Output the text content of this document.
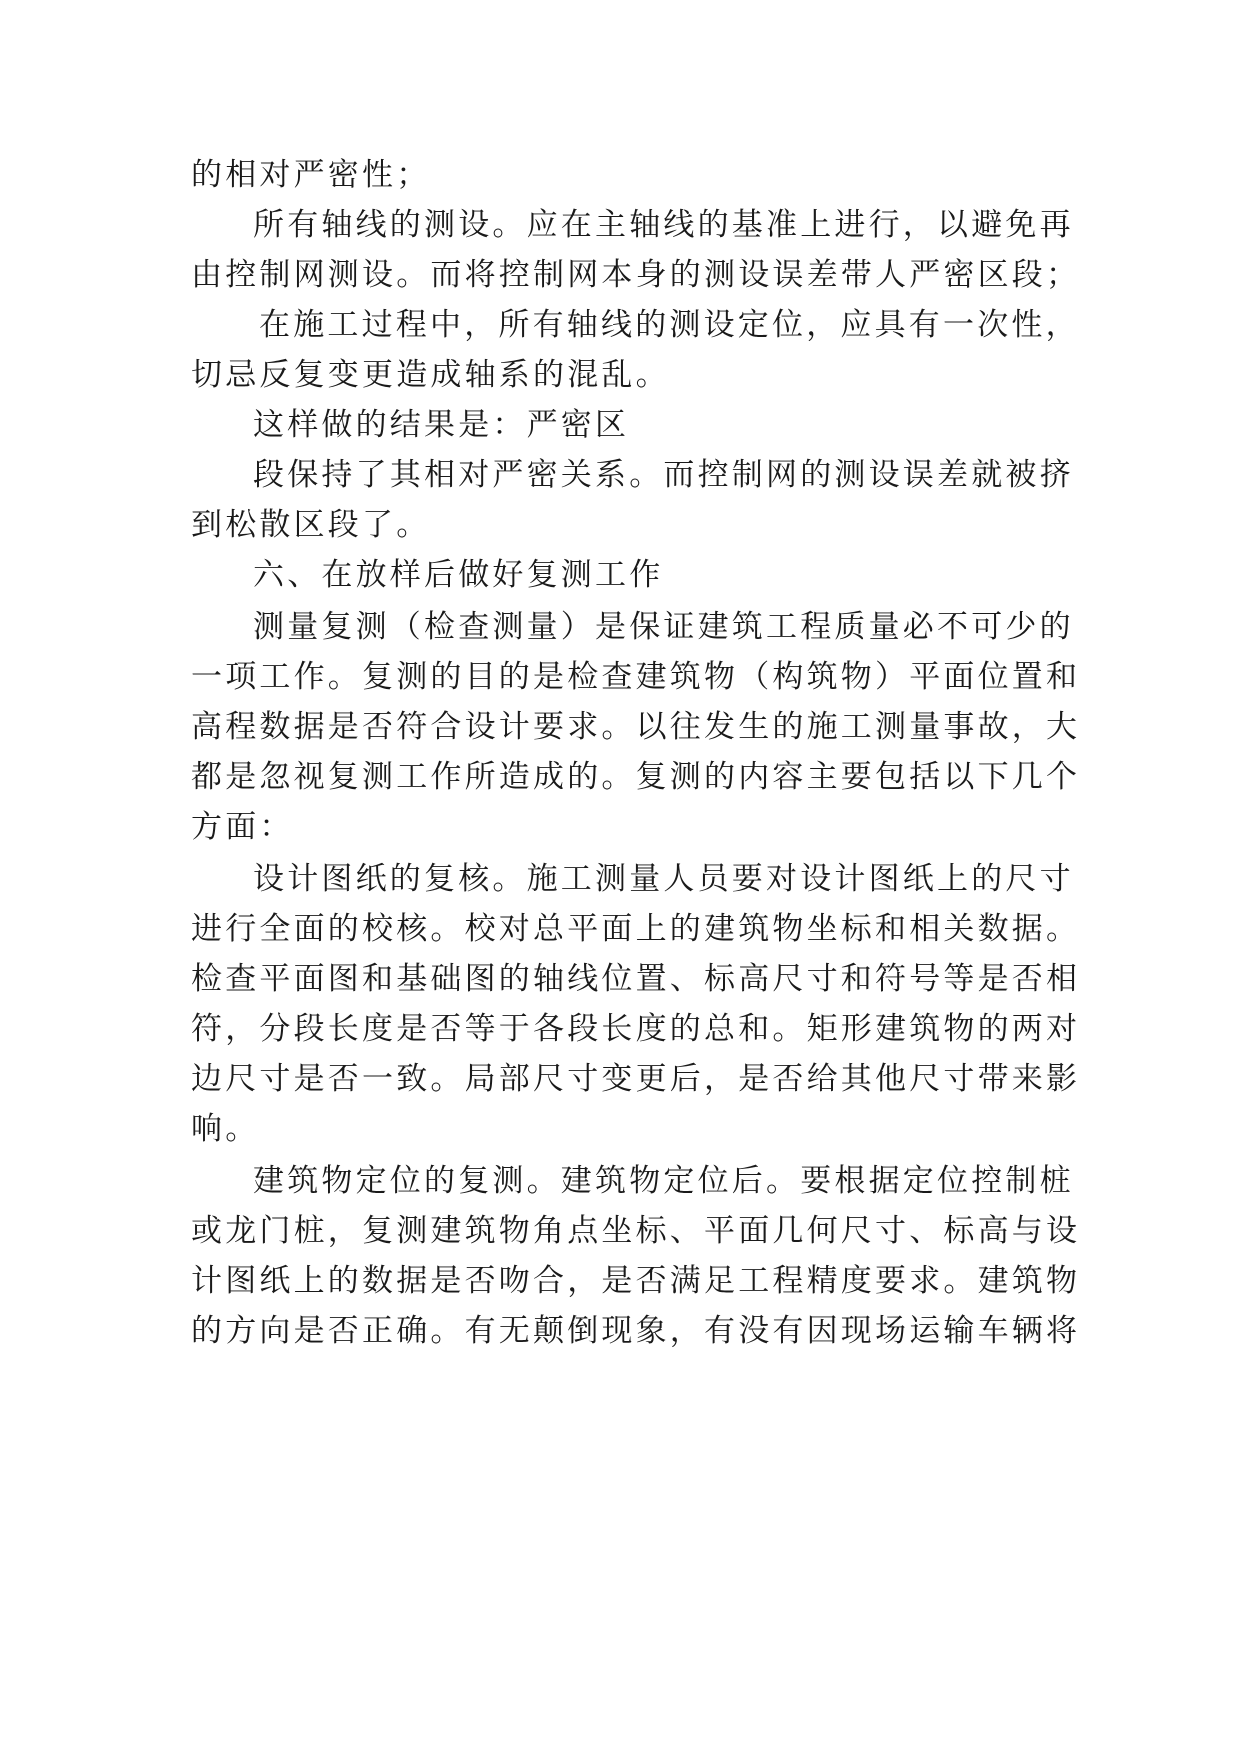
的相对严密性；
所有轴线的测设。应在主轴线的基准上进行，以避免再
由控制网测设。而将控制网本身的测设误差带人严密区段；
在施工过程中，所有轴线的测设定位，应具有一次性，
切忌反复变更造成轴系的混乱。
这样做的结果是：严密区
段保持了其相对严密关系。而控制网的测设误差就被挤
到松散区段了。
六、在放样后做好复测工作
测量复测（检查测量）是保证建筑工程质量必不可少的
一项工作。复测的目的是检查建筑物（构筑物）平面位置和
高程数据是否符合设计要求。以往发生的施工测量事故，大
都是忽视复测工作所造成的。复测的内容主要包括以下几个
方面：
设计图纸的复核。施工测量人员要对设计图纸上的尺寸
进行全面的校核。校对总平面上的建筑物坐标和相关数据。
检查平面图和基础图的轴线位置、标高尺寸和符号等是否相
符，分段长度是否等于各段长度的总和。矩形建筑物的两对
边尺寸是否一致。局部尺寸变更后，是否给其他尺寸带来影
响。
建筑物定位的复测。建筑物定位后。要根据定位控制桩
或龙门桩，复测建筑物角点坐标、平面几何尺寸、标高与设
计图纸上的数据是否吻合，是否满足工程精度要求。建筑物
的方向是否正确。有无颠倒现象，有没有因现场运输车辆将
